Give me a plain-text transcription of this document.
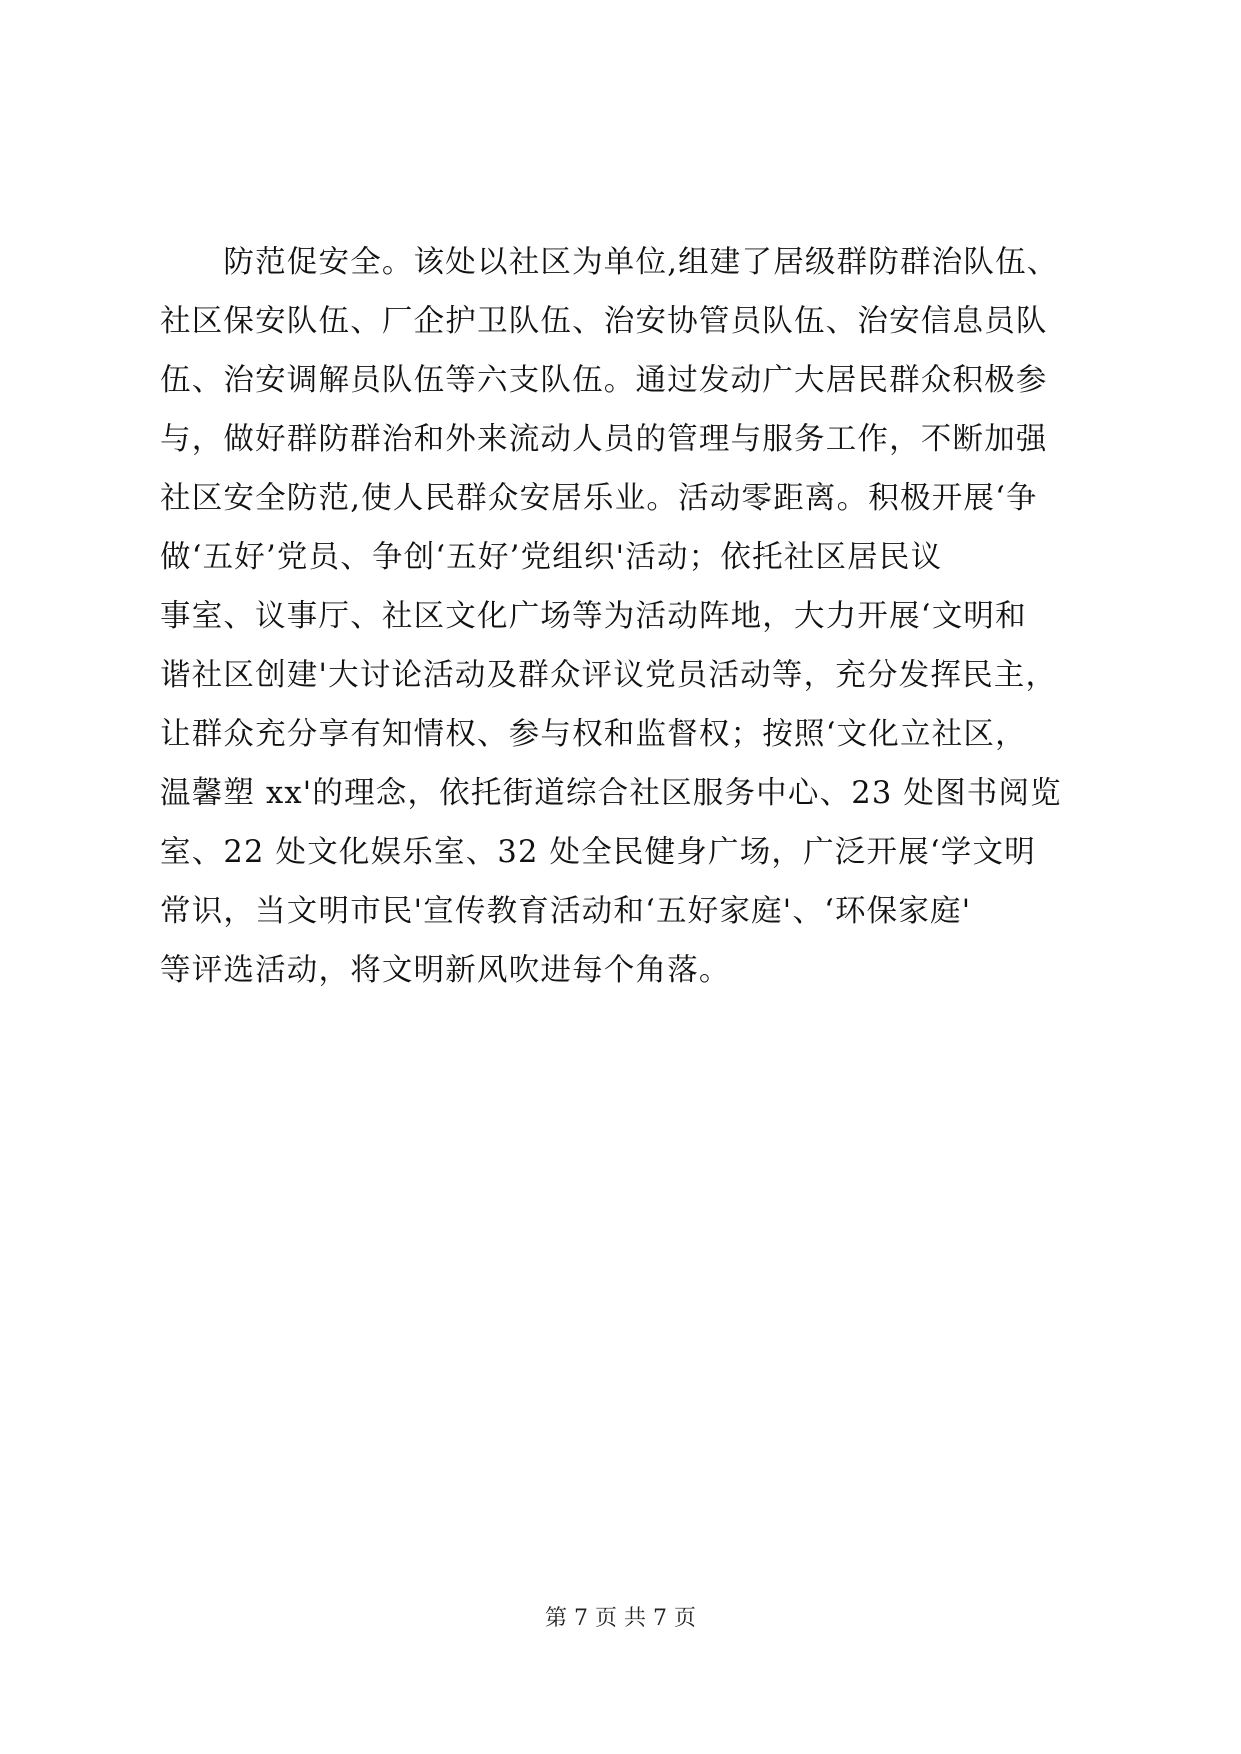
　　防范促安全。该处以社区为单位,组建了居级群防群治队伍、
社区保安队伍、厂企护卫队伍、治安协管员队伍、治安信息员队
伍、治安调解员队伍等六支队伍。通过发动广大居民群众积极参
与，做好群防群治和外来流动人员的管理与服务工作，不断加强
社区安全防范,使人民群众安居乐业。活动零距离。积极开展‘争
做‘五好’党员、争创‘五好’党组织'活动；依托社区居民议
事室、议事厅、社区文化广场等为活动阵地，大力开展‘文明和
谐社区创建'大讨论活动及群众评议党员活动等，充分发挥民主，
让群众充分享有知情权、参与权和监督权；按照‘文化立社区，
温馨塑 xx'的理念，依托街道综合社区服务中心、23 处图书阅览
室、22 处文化娱乐室、32 处全民健身广场，广泛开展‘学文明
常识，当文明市民'宣传教育活动和‘五好家庭'、‘环保家庭'
等评选活动，将文明新风吹进每个角落。
第 7 页 共 7 页
